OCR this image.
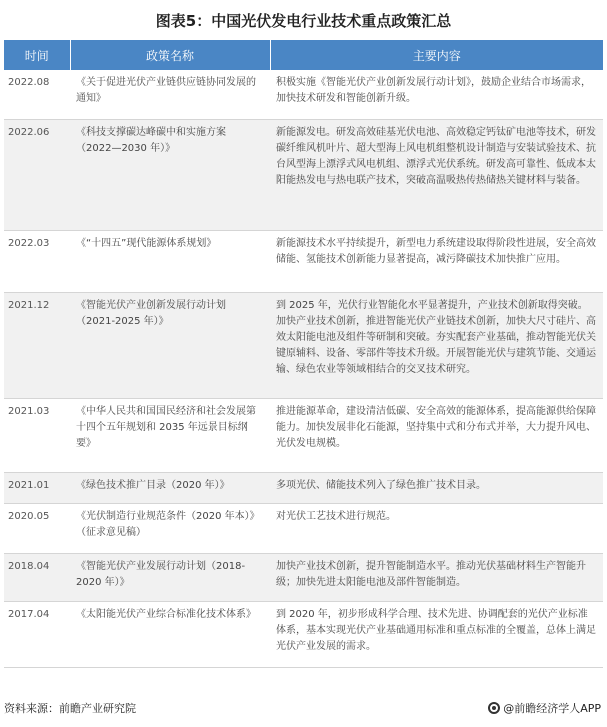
图表5：中国光伏发电行业技术重点政策汇总
时间	政策名称	主要内容
2022.08	《关于促进光伏产业链供应链协同发展的通知》	积极实施《智能光伏产业创新发展行动计划》，鼓励企业结合市场需求，加快技术研发和智能创新升级。
2022.06	《科技支撑碳达峰碳中和实施方案（2022—2030 年）》	新能源发电。研发高效硅基光伏电池、高效稳定钙钛矿电池等技术，研发碳纤维风机叶片、超大型海上风电机组整机设计制造与安装试验技术、抗台风型海上漂浮式风电机组、漂浮式光伏系统。研发高可靠性、低成本太阳能热发电与热电联产技术，突破高温吸热传热储热关键材料与装备。
2022.03	《“十四五”现代能源体系规划》	新能源技术水平持续提升，新型电力系统建设取得阶段性进展，安全高效储能、氢能技术创新能力显著提高，减污降碳技术加快推广应用。
2021.12	《智能光伏产业创新发展行动计划（2021-2025 年）》	到 2025 年，光伏行业智能化水平显著提升，产业技术创新取得突破。加快产业技术创新，推进智能光伏产业链技术创新，加快大尺寸硅片、高效太阳能电池及组件等研制和突破。夯实配套产业基础，推动智能光伏关键原辅料、设备、零部件等技术升级。开展智能光伏与建筑节能、交通运输、绿色农业等领域相结合的交叉技术研究。
2021.03	《中华人民共和国国民经济和社会发展第十四个五年规划和 2035 年远景目标纲要》	推进能源革命，建设清洁低碳、安全高效的能源体系，提高能源供给保障能力。加快发展非化石能源，坚持集中式和分布式并举，大力提升风电、光伏发电规模。
2021.01	《绿色技术推广目录（2020 年）》	多项光伏、储能技术列入了绿色推广技术目录。
2020.05	《光伏制造行业规范条件（2020 年本）》（征求意见稿）	对光伏工艺技术进行规范。
2018.04	《智能光伏产业发展行动计划（2018-2020 年）》	加快产业技术创新，提升智能制造水平。推动光伏基础材料生产智能升级；加快先进太阳能电池及部件智能制造。
2017.04	《太阳能光伏产业综合标准化技术体系》	到 2020 年，初步形成科学合理、技术先进、协调配套的光伏产业标准体系，基本实现光伏产业基础通用标准和重点标准的全覆盖，总体上满足光伏产业发展的需求。
资料来源：前瞻产业研究院	@前瞻经济学人APP
